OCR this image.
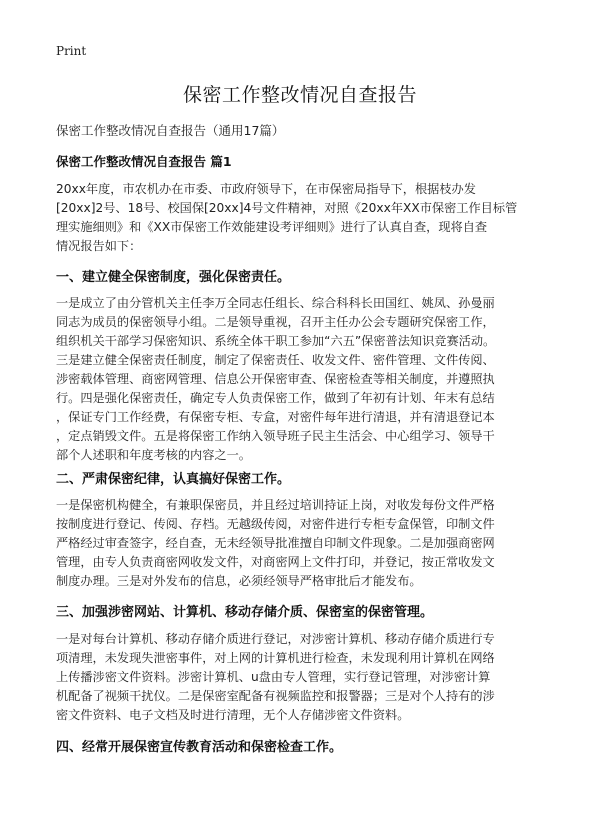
Print
保密工作整改情况自查报告
保密工作整改情况自查报告（通用17篇）
保密工作整改情况自查报告 篇1
20xx年度，市农机办在市委、市政府领导下，在市保密局指导下，根据枝办发
[20xx]2号、18号、校国保[20xx]4号文件精神，对照《20xx年XX市保密工作目标管
理实施细则》和《XX市保密工作效能建设考评细则》进行了认真自查，现将自查
情况报告如下：
一、建立健全保密制度，强化保密责任。
一是成立了由分管机关主任李万全同志任组长、综合科科长田国红、姚凤、孙曼丽
同志为成员的保密领导小组。二是领导重视，召开主任办公会专题研究保密工作，
组织机关干部学习保密知识、系统全体干职工参加“六五”保密普法知识竞赛活动。
三是建立健全保密责任制度，制定了保密责任、收发文件、密件管理、文件传阅、
涉密载体管理、商密网管理、信息公开保密审查、保密检查等相关制度，并遵照执
行。四是强化保密责任，确定专人负责保密工作，做到了年初有计划、年末有总结
，保证专门工作经费，有保密专柜、专盒，对密件每年进行清退，并有清退登记本
，定点销毁文件。五是将保密工作纳入领导班子民主生活会、中心组学习、领导干
部个人述职和年度考核的内容之一。
二、严肃保密纪律，认真搞好保密工作。
一是保密机构健全，有兼职保密员，并且经过培训持证上岗，对收发每份文件严格
按制度进行登记、传阅、存档。无越级传阅，对密件进行专柜专盒保管，印制文件
严格经过审查签字，经自查，无未经领导批准擅自印制文件现象。二是加强商密网
管理，由专人负责商密网收发文件，对商密网上文件打印，并登记，按正常收发文
制度办理。三是对外发布的信息，必须经领导严格审批后才能发布。
三、加强涉密网站、计算机、移动存储介质、保密室的保密管理。
一是对每台计算机、移动存储介质进行登记，对涉密计算机、移动存储介质进行专
项清理，未发现失泄密事件，对上网的计算机进行检查，未发现利用计算机在网络
上传播涉密文件资料。涉密计算机、u盘由专人管理，实行登记管理，对涉密计算
机配备了视频干扰仪。二是保密室配备有视频监控和报警器；三是对个人持有的涉
密文件资料、电子文档及时进行清理，无个人存储涉密文件资料。
四、经常开展保密宣传教育活动和保密检查工作。
